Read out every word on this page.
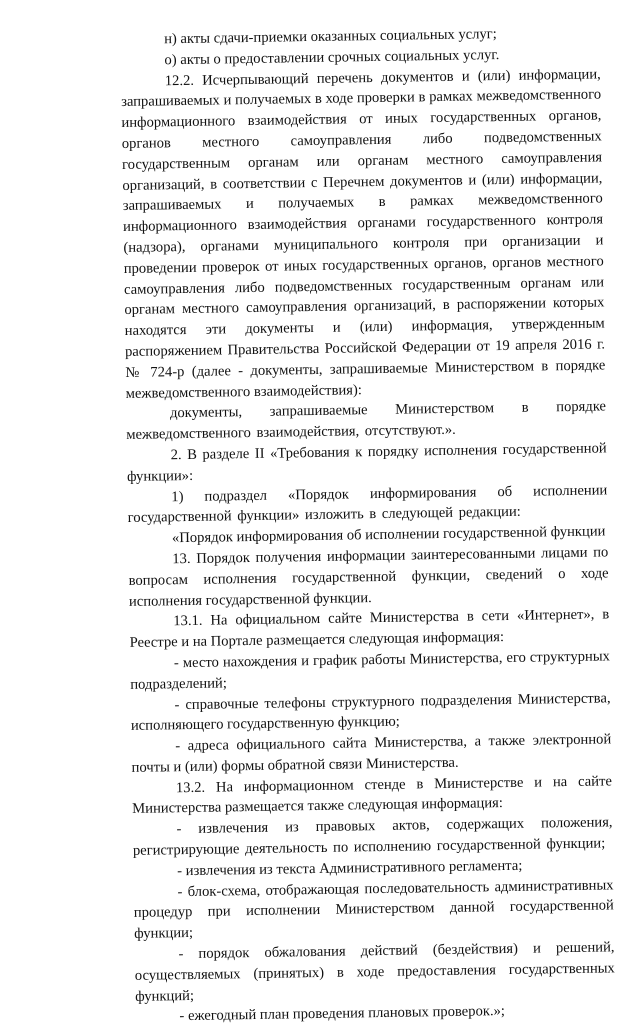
н) акты сдачи-приемки оказанных социальных услуг;

о) акты о предоставлении срочных социальных услуг.

12.2. Исчерпывающий перечень документов и (или) информации, запрашиваемых и получаемых в ходе проверки в рамках межведомственного информационного взаимодействия от иных государственных органов, органов местного самоуправления либо подведомственных государственным органам или органам местного самоуправления организаций, в соответствии с Перечнем документов и (или) информации, запрашиваемых и получаемых в рамках межведомственного информационного взаимодействия органами государственного контроля (надзора), органами муниципального контроля при организации и проведении проверок от иных государственных органов, органов местного самоуправления либо подведомственных государственным органам или органам местного самоуправления организаций, в распоряжении которых находятся эти документы и (или) информация, утвержденным распоряжением Правительства Российской Федерации от 19 апреля 2016 г. № 724-р (далее - документы, запрашиваемые Министерством в порядке межведомственного взаимодействия):

документы, запрашиваемые Министерством в порядке межведомственного взаимодействия, отсутствуют.».

2. В разделе II «Требования к порядку исполнения государственной функции»:

1) подраздел «Порядок информирования об исполнении государственной функции» изложить в следующей редакции:

«Порядок информирования об исполнении государственной функции

13. Порядок получения информации заинтересованными лицами по вопросам исполнения государственной функции, сведений о ходе исполнения государственной функции.

13.1. На официальном сайте Министерства в сети «Интернет», в Реестре и на Портале размещается следующая информация:

- место нахождения и график работы Министерства, его структурных подразделений;

- справочные телефоны структурного подразделения Министерства, исполняющего государственную функцию;

- адреса официального сайта Министерства, а также электронной почты и (или) формы обратной связи Министерства.

13.2. На информационном стенде в Министерстве и на сайте Министерства размещается также следующая информация:

- извлечения из правовых актов, содержащих положения, регистрирующие деятельность по исполнению государственной функции;

- извлечения из текста Административного регламента;

- блок-схема, отображающая последовательность административных процедур при исполнении Министерством данной государственной функции;

- порядок обжалования действий (бездействия) и решений, осуществляемых (принятых) в ходе предоставления государственных функций;

- ежегодный план проведения плановых проверок.»;
